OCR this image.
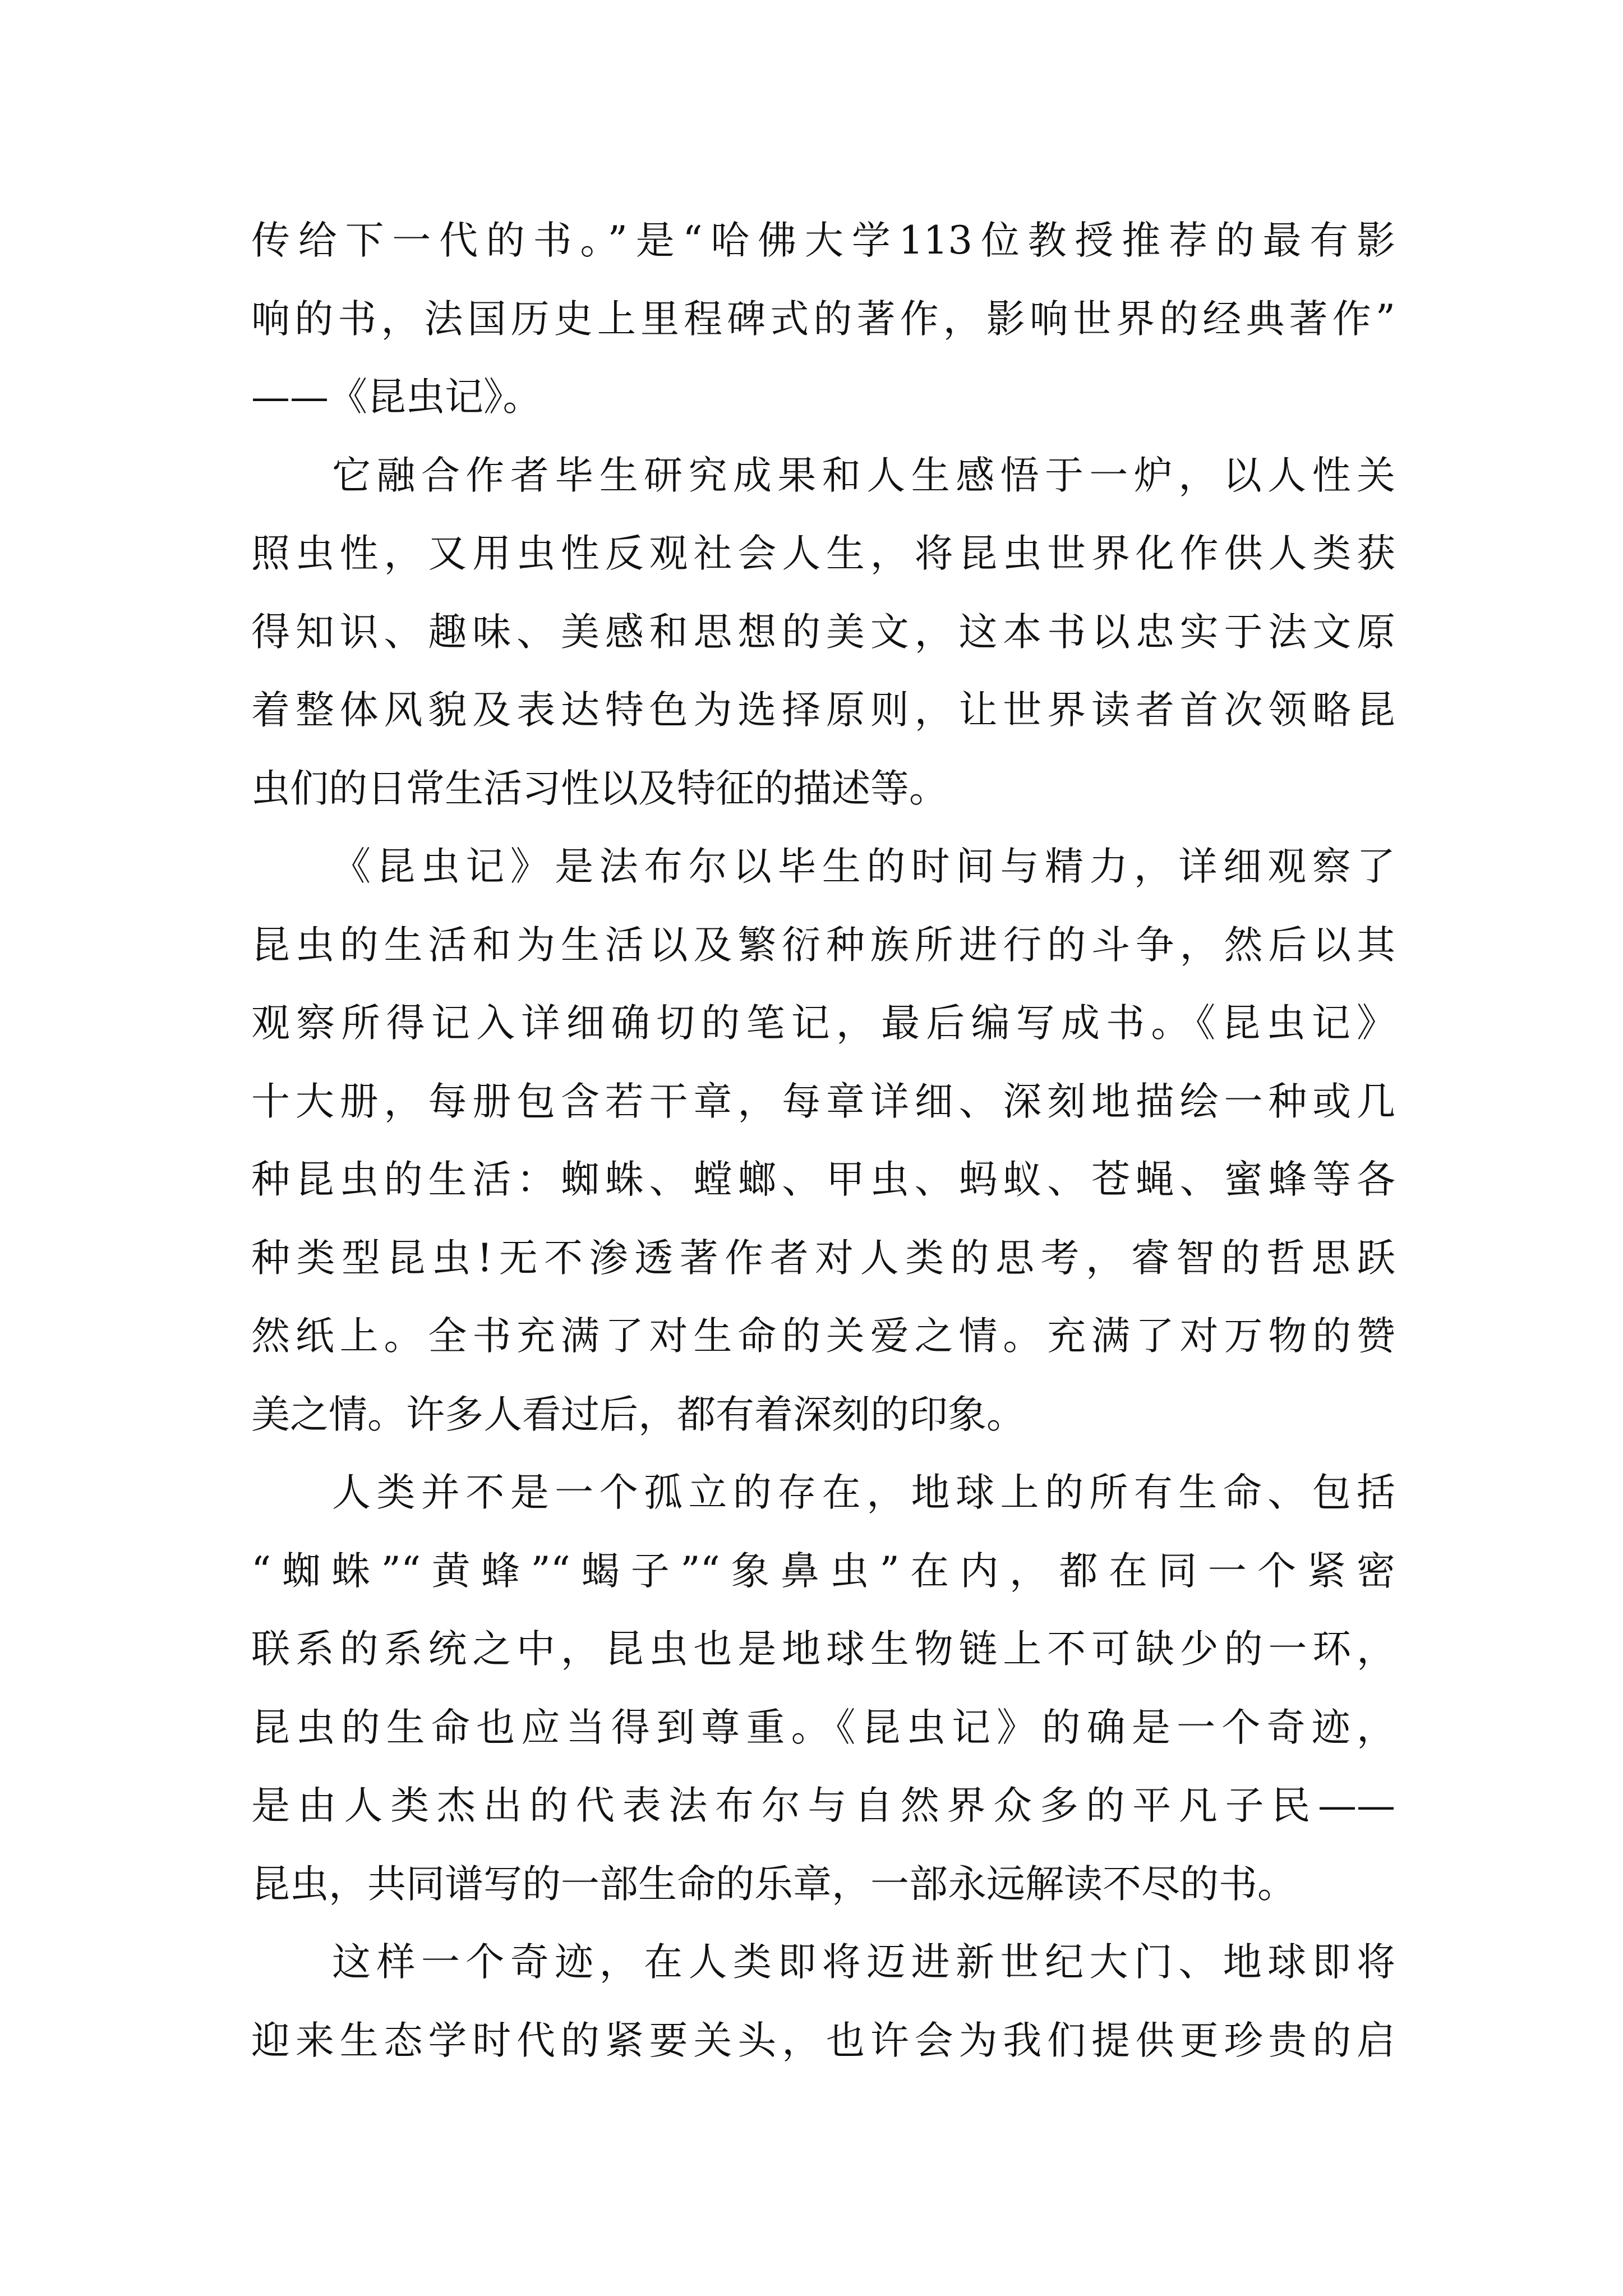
传给下一代的书。”是“哈佛大学113位教授推荐的最有影
响的书，法国历史上里程碑式的著作，影响世界的经典著作”
——《昆虫记》。
它融合作者毕生研究成果和人生感悟于一炉，以人性关
照虫性，又用虫性反观社会人生，将昆虫世界化作供人类获
得知识、趣味、美感和思想的美文，这本书以忠实于法文原
着整体风貌及表达特色为选择原则，让世界读者首次领略昆
虫们的日常生活习性以及特征的描述等。
《昆虫记》是法布尔以毕生的时间与精力，详细观察了
昆虫的生活和为生活以及繁衍种族所进行的斗争，然后以其
观察所得记入详细确切的笔记，最后编写成书。《昆虫记》
十大册，每册包含若干章，每章详细、深刻地描绘一种或几
种昆虫的生活：蜘蛛、螳螂、甲虫、蚂蚁、苍蝇、蜜蜂等各
种类型昆虫!无不渗透著作者对人类的思考，睿智的哲思跃
然纸上。全书充满了对生命的关爱之情。充满了对万物的赞
美之情。许多人看过后，都有着深刻的印象。
人类并不是一个孤立的存在，地球上的所有生命、包括
“蜘蛛”“黄蜂”“蝎子”“象鼻虫”在内，都在同一个紧密
联系的系统之中，昆虫也是地球生物链上不可缺少的一环，
昆虫的生命也应当得到尊重。《昆虫记》的确是一个奇迹，
是由人类杰出的代表法布尔与自然界众多的平凡子民——
昆虫，共同谱写的一部生命的乐章，一部永远解读不尽的书。
这样一个奇迹，在人类即将迈进新世纪大门、地球即将
迎来生态学时代的紧要关头，也许会为我们提供更珍贵的启
